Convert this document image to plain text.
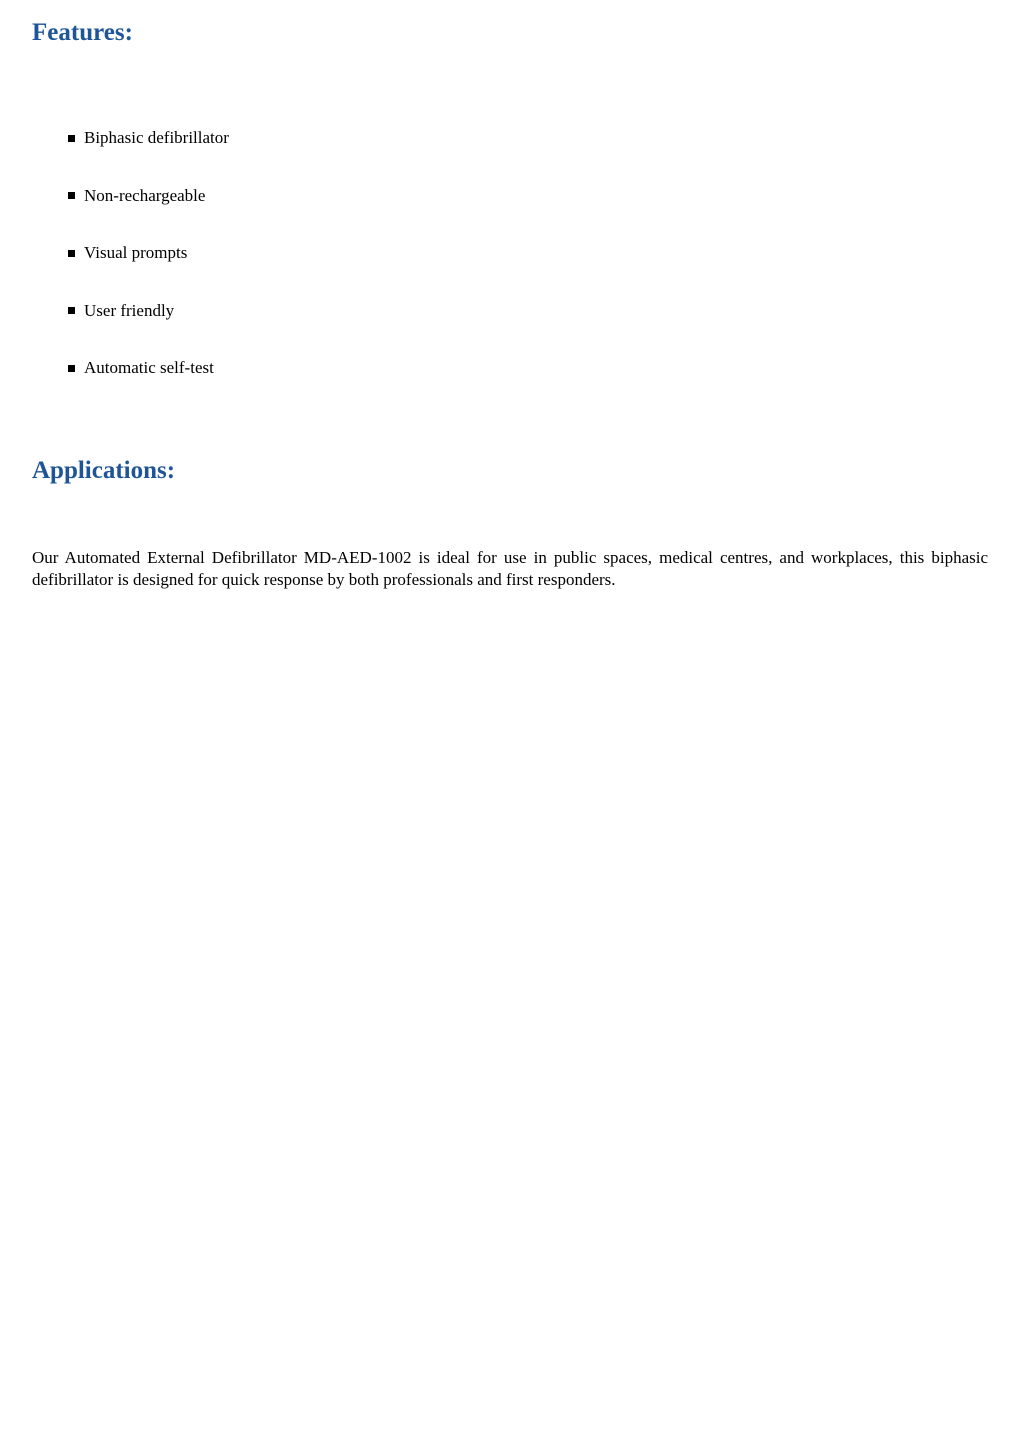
Features:
Biphasic defibrillator
Non-rechargeable
Visual prompts
User friendly
Automatic self-test
Applications:

Our Automated External Defibrillator MD-AED-1002 is ideal for use in public spaces, medical centres, and workplaces, this biphasic defibrillator is designed for quick response by both professionals and first responders.
